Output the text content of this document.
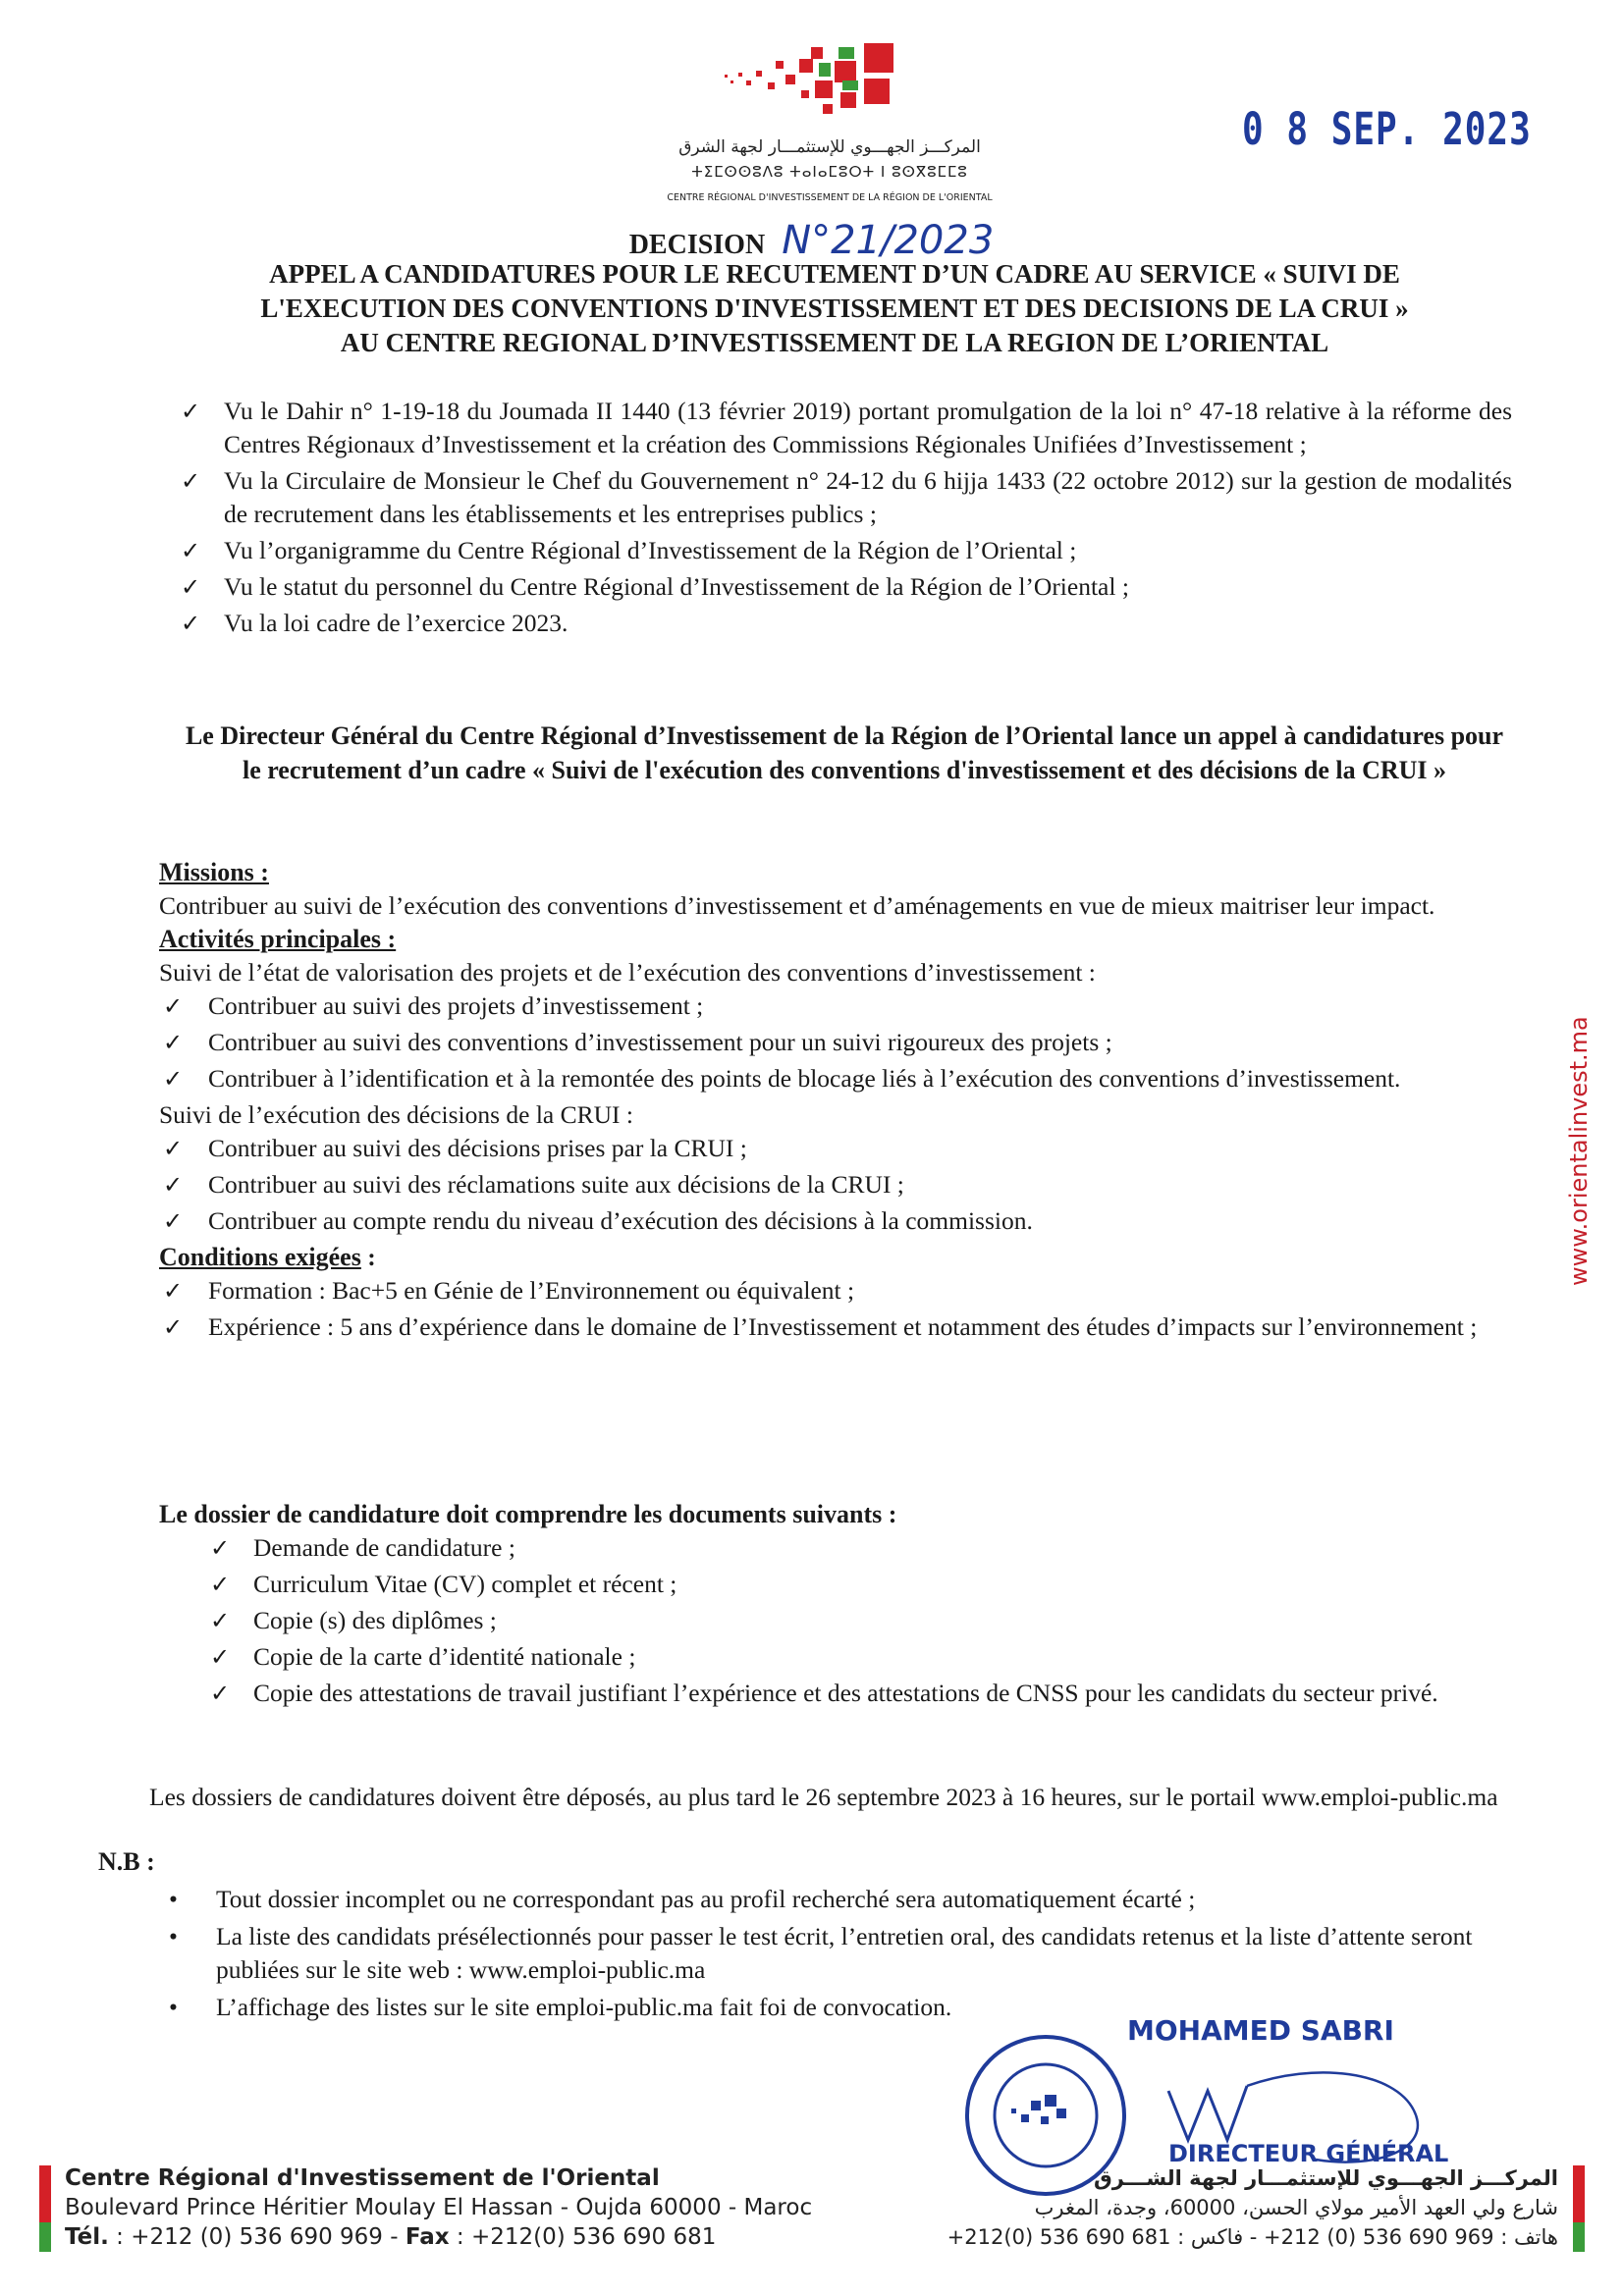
المركـــز الجهـــوي للإستثمـــار لجهة الشرق
ⵜⵉⵎⵙⵙⵓⴷⵓ ⵜⴰⵏⴰⵎⵓⵔⵜ ⵏ ⵓⵙⴳⵓⵎⵎⵓ
CENTRE RÉGIONAL D'INVESTISSEMENT DE LA RÉGION DE L'ORIENTAL
0 8 SEP. 2023
DECISION N°21/2023
APPEL A CANDIDATURES POUR LE RECUTEMENT D’UN CADRE AU SERVICE « SUIVI DE
L'EXECUTION DES CONVENTIONS D'INVESTISSEMENT ET DES DECISIONS DE LA CRUI »
AU CENTRE REGIONAL D’INVESTISSEMENT DE LA REGION DE L’ORIENTAL
✓ Vu le Dahir n° 1-19-18 du Joumada II 1440 (13 février 2019) portant promulgation de la loi n° 47-18 relative à la réforme des Centres Régionaux d’Investissement et la création des Commissions Régionales Unifiées d’Investissement ;
✓ Vu la Circulaire de Monsieur le Chef du Gouvernement n° 24-12 du 6 hijja 1433 (22 octobre 2012) sur la gestion de modalités de recrutement dans les établissements et les entreprises publics ;
✓ Vu l’organigramme du Centre Régional d’Investissement de la Région de l’Oriental ;
✓ Vu le statut du personnel du Centre Régional d’Investissement de la Région de l’Oriental ;
✓ Vu la loi cadre de l’exercice 2023.
Le Directeur Général du Centre Régional d’Investissement de la Région de l’Oriental lance un appel à candidatures pour le recrutement d’un cadre « Suivi de l'exécution des conventions d'investissement et des décisions de la CRUI »
Missions :
Contribuer au suivi de l’exécution des conventions d’investissement et d’aménagements en vue de mieux maitriser leur impact.
Activités principales :
Suivi de l’état de valorisation des projets et de l’exécution des conventions d’investissement :
✓ Contribuer au suivi des projets d’investissement ;
✓ Contribuer au suivi des conventions d’investissement pour un suivi rigoureux des projets ;
✓ Contribuer à l’identification et à la remontée des points de blocage liés à l’exécution des conventions d’investissement.
Suivi de l’exécution des décisions de la CRUI :
✓ Contribuer au suivi des décisions prises par la CRUI ;
✓ Contribuer au suivi des réclamations suite aux décisions de la CRUI ;
✓ Contribuer au compte rendu du niveau d’exécution des décisions à la commission.
Conditions exigées :
✓ Formation : Bac+5 en Génie de l’Environnement ou équivalent ;
✓ Expérience : 5 ans d’expérience dans le domaine de l’Investissement et notamment des études d’impacts sur l’environnement ;
Le dossier de candidature doit comprendre les documents suivants :
✓ Demande de candidature ;
✓ Curriculum Vitae (CV) complet et récent ;
✓ Copie (s) des diplômes ;
✓ Copie de la carte d’identité nationale ;
✓ Copie des attestations de travail justifiant l’expérience et des attestations de CNSS pour les candidats du secteur privé.
Les dossiers de candidatures doivent être déposés, au plus tard le 26 septembre 2023 à 16 heures, sur le portail www.emploi-public.ma
N.B :
• Tout dossier incomplet ou ne correspondant pas au profil recherché sera automatiquement écarté ;
• La liste des candidats présélectionnés pour passer le test écrit, l’entretien oral, des candidats retenus et la liste d’attente seront publiées sur le site web : www.emploi-public.ma
• L’affichage des listes sur le site emploi-public.ma fait foi de convocation.
www.orientalinvest.ma
MOHAMED SABRI
DIRECTEUR GÉNÉRAL
Centre Régional d'Investissement de l'Oriental
Boulevard Prince Héritier Moulay El Hassan - Oujda 60000 - Maroc
Tél. : +212 (0) 536 690 969 - Fax : +212(0) 536 690 681
المركـــز الجهـــوي للإستثمـــار لجهة الشـــرق
شارع ولي العهد الأمير مولاي الحسن، 60000، وجدة، المغرب
هاتف : 969 690 536 (0) 212+ - فاكس : 681 690 536 (0)212+
